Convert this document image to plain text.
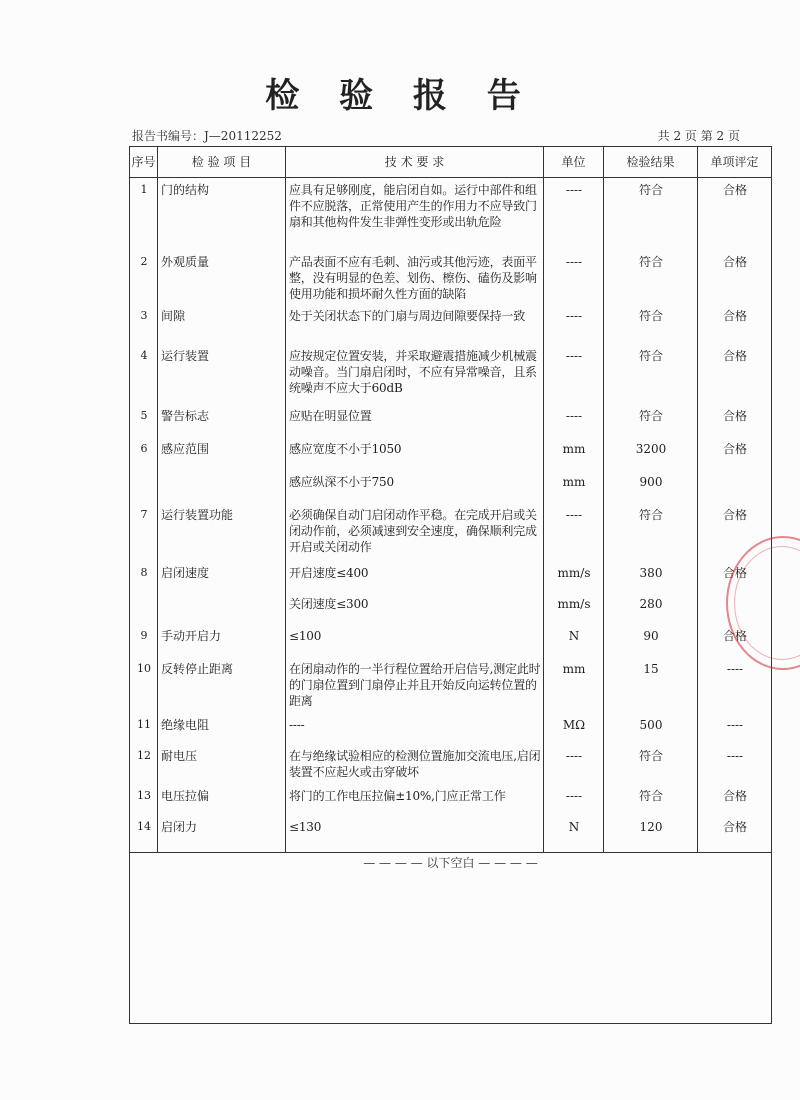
检 验 报 告
报告书编号：J—20112252	共 2 页 第 2 页
序号	检 验 项 目	技 术 要 求	单位	检验结果	单项评定
1	门的结构	应具有足够刚度，能启闭自如。运行中部件和组件不应脱落，正常使用产生的作用力不应导致门扇和其他构件发生非弹性变形或出轨危险	----	符合	合格
2	外观质量	产品表面不应有毛刺、油污或其他污迹，表面平整，没有明显的色差、划伤、檫伤、磕伤及影响使用功能和损坏耐久性方面的缺陷	----	符合	合格
3	间隙	处于关闭状态下的门扇与周边间隙要保持一致	----	符合	合格
4	运行装置	应按规定位置安装，并采取避震措施减少机械震动噪音。当门扇启闭时，不应有异常噪音，且系统噪声不应大于60dB	----	符合	合格
5	警告标志	应贴在明显位置	----	符合	合格
6	感应范围	感应宽度不小于1050	mm	3200	合格
		感应纵深不小于750	mm	900	
7	运行装置功能	必须确保自动门启闭动作平稳。在完成开启或关闭动作前，必须减速到安全速度，确保顺利完成开启或关闭动作	----	符合	合格
8	启闭速度	开启速度≤400	mm/s	380	合格
		关闭速度≤300	mm/s	280	
9	手动开启力	≤100	N	90	合格
10	反转停止距离	在闭扇动作的一半行程位置给开启信号,测定此时的门扇位置到门扇停止并且开始反向运转位置的距离	mm	15	----
11	绝缘电阻	----	MΩ	500	----
12	耐电压	在与绝缘试验相应的检测位置施加交流电压,启闭装置不应起火或击穿破坏	----	符合	----
13	电压拉偏	将门的工作电压拉偏±10%,门应正常工作	----	符合	合格
14	启闭力	≤130	N	120	合格

— — — — 以下空白 — — — —					
